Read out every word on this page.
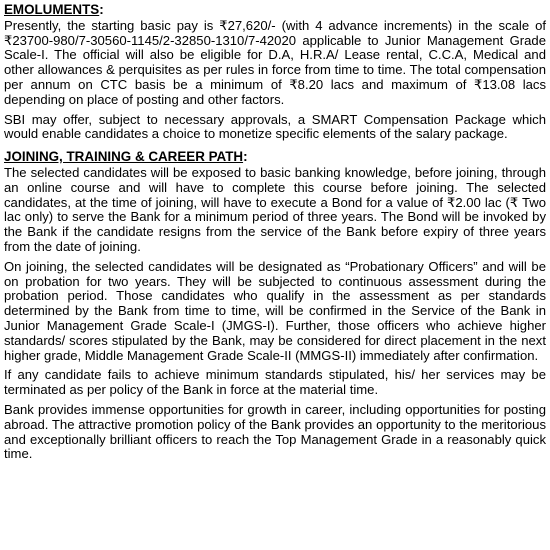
EMOLUMENTS:

Presently, the starting basic pay is ₹27,620/- (with 4 advance increments) in the scale of ₹23700-980/7-30560-1145/2-32850-1310/7-42020 applicable to Junior Management Grade Scale-I. The official will also be eligible for D.A, H.R.A/ Lease rental, C.C.A, Medical and other allowances & perquisites as per rules in force from time to time. The total compensation per annum on CTC basis be a minimum of ₹8.20 lacs and maximum of ₹13.08 lacs depending on place of posting and other factors.

SBI may offer, subject to necessary approvals, a SMART Compensation Package which would enable candidates a choice to monetize specific elements of the salary package.

JOINING, TRAINING & CAREER PATH:

The selected candidates will be exposed to basic banking knowledge, before joining, through an online course and will have to complete this course before joining. The selected candidates, at the time of joining, will have to execute a Bond for a value of ₹2.00 lac (₹ Two lac only) to serve the Bank for a minimum period of three years. The Bond will be invoked by the Bank if the candidate resigns from the service of the Bank before expiry of three years from the date of joining.

On joining, the selected candidates will be designated as “Probationary Officers” and will be on probation for two years. They will be subjected to continuous assessment during the probation period. Those candidates who qualify in the assessment as per standards determined by the Bank from time to time, will be confirmed in the Service of the Bank in Junior Management Grade Scale-I (JMGS-I). Further, those officers who achieve higher standards/ scores stipulated by the Bank, may be considered for direct placement in the next higher grade, Middle Management Grade Scale-II (MMGS-II) immediately after confirmation.

If any candidate fails to achieve minimum standards stipulated, his/ her services may be terminated as per policy of the Bank in force at the material time.

Bank provides immense opportunities for growth in career, including opportunities for posting abroad. The attractive promotion policy of the Bank provides an opportunity to the meritorious and exceptionally brilliant officers to reach the Top Management Grade in a reasonably quick time.
